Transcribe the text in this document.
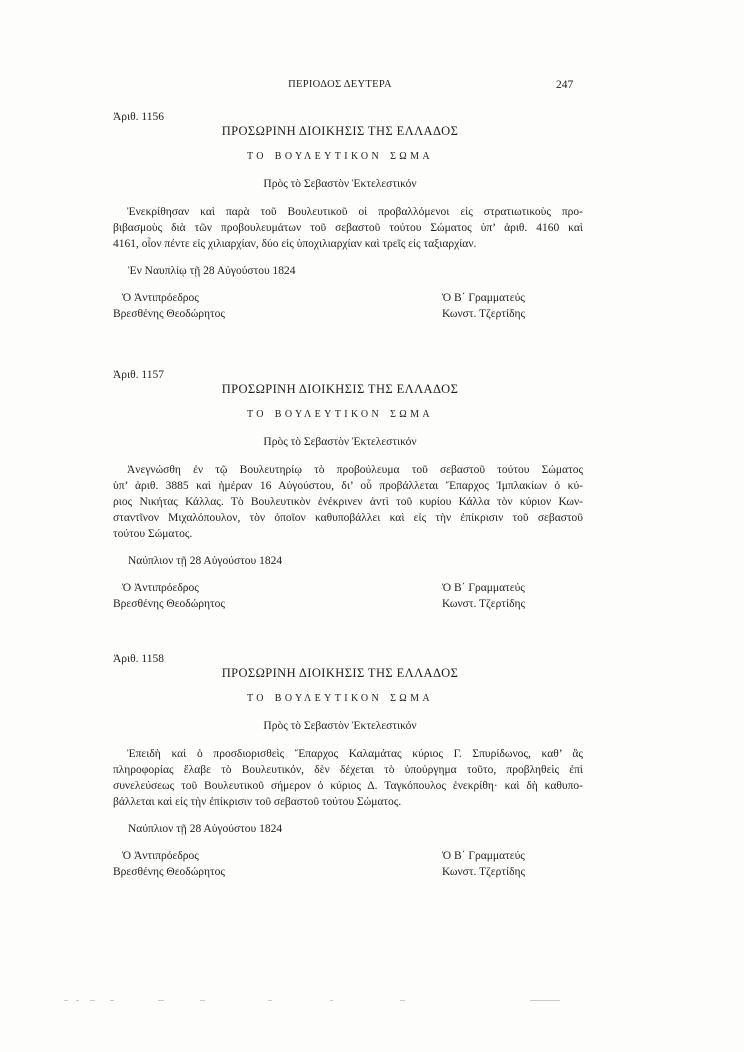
ΠΕΡΙΟΔΟΣ ΔΕΥΤΕΡΑ	247
Ἀριθ. 1156
ΠΡΟΣΩΡΙΝΗ ΔΙΟΙΚΗΣΙΣ ΤΗΣ ΕΛΛΑΔΟΣ
ΤΟ ΒΟΥΛΕΥΤΙΚΟΝ ΣΩΜΑ
Πρὸς τὸ Σεβαστὸν Ἐκτελεστικόν
Ἐνεκρίθησαν καὶ παρὰ τοῦ Βουλευτικοῦ οἱ προβαλλόμενοι εἰς στρατιωτικοὺς προ-
βιβασμοὺς διὰ τῶν προβουλευμάτων τοῦ σεβαστοῦ τούτου Σώματος ὑπ’ ἀριθ. 4160 καὶ
4161, οἷον πέντε εἰς χιλιαρχίαν, δύο εἰς ὑποχιλιαρχίαν καὶ τρεῖς εἰς ταξιαρχίαν.
Ἐν Ναυπλίῳ τῇ 28 Αὐγούστου 1824
Ὁ Ἀντιπρόεδρος
Βρεσθένης Θεοδώρητος
Ὁ Β΄ Γραμματεύς
Κωνστ. Τζερτίδης
Ἀριθ. 1157
ΠΡΟΣΩΡΙΝΗ ΔΙΟΙΚΗΣΙΣ ΤΗΣ ΕΛΛΑΔΟΣ
ΤΟ ΒΟΥΛΕΥΤΙΚΟΝ ΣΩΜΑ
Πρὸς τὸ Σεβαστὸν Ἐκτελεστικόν
Ἀνεγνώσθη ἐν τῷ Βουλευτηρίῳ τὸ προβούλευμα τοῦ σεβαστοῦ τούτου Σώματος
ὑπ’ ἀριθ. 3885 καὶ ἡμέραν 16 Αὐγούστου, δι’ οὗ προβάλλεται Ἔπαρχος Ἰμπλακίων ὁ κύ-
ριος Νικήτας Κάλλας. Τὸ Βουλευτικὸν ἐνέκρινεν ἀντὶ τοῦ κυρίου Κάλλα τὸν κύριον Κων-
σταντῖνον Μιχαλόπουλον, τὸν ὁποῖον καθυποβάλλει καὶ εἰς τὴν ἐπίκρισιν τοῦ σεβαστοῦ
τούτου Σώματος.
Ναύπλιον τῇ 28 Αὐγούστου 1824
Ὁ Ἀντιπρόεδρος
Βρεσθένης Θεοδώρητος
Ὁ Β΄ Γραμματεύς
Κωνστ. Τζερτίδης
Ἀριθ. 1158
ΠΡΟΣΩΡΙΝΗ ΔΙΟΙΚΗΣΙΣ ΤΗΣ ΕΛΛΑΔΟΣ
ΤΟ ΒΟΥΛΕΥΤΙΚΟΝ ΣΩΜΑ
Πρὸς τὸ Σεβαστὸν Ἐκτελεστικόν
Ἐπειδὴ καὶ ὁ προσδιορισθεὶς Ἔπαρχος Καλαμάτας κύριος Γ. Σπυρίδωνος, καθ’ ἃς
πληροφορίας ἔλαβε τὸ Βουλευτικόν, δὲν δέχεται τὸ ὑπούργημα τοῦτο, προβληθεὶς ἐπὶ
συνελεύσεως τοῦ Βουλευτικοῦ σήμερον ὁ κύριος Δ. Ταγκόπουλος ἐνεκρίθη· καὶ δὴ καθυπο-
βάλλεται καὶ εἰς τὴν ἐπίκρισιν τοῦ σεβαστοῦ τούτου Σώματος.
Ναύπλιον τῇ 28 Αὐγούστου 1824
Ὁ Ἀντιπρόεδρος
Βρεσθένης Θεοδώρητος
Ὁ Β΄ Γραμματεύς
Κωνστ. Τζερτίδης
